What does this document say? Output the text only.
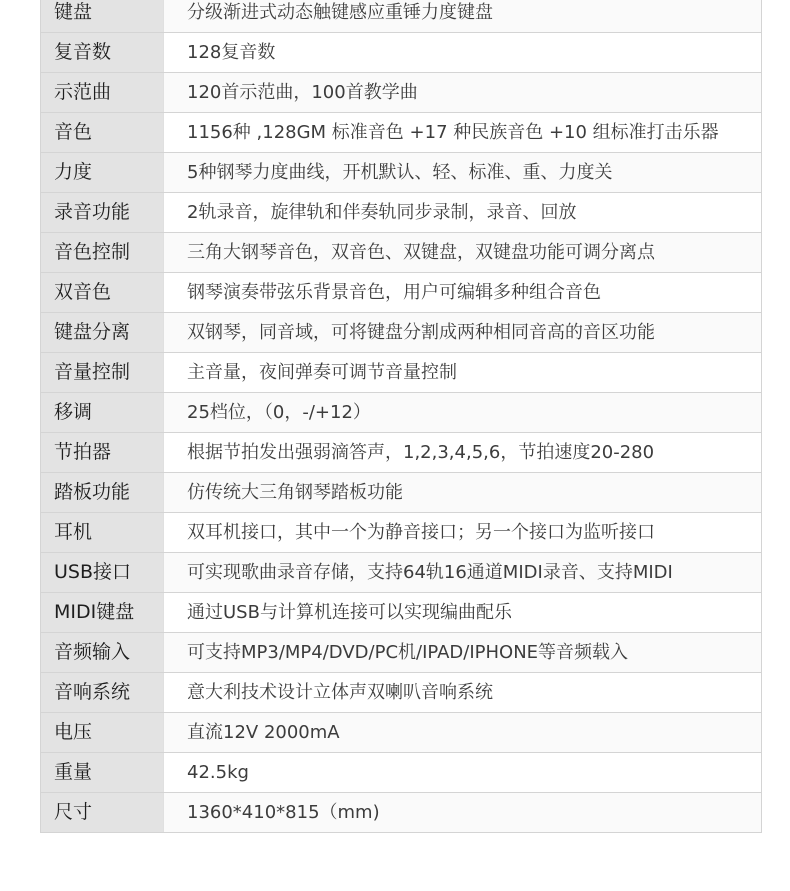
键盘	分级渐进式动态触键感应重锤力度键盘
复音数	128复音数
示范曲	120首示范曲，100首教学曲
音色	1156种 ,128GM 标准音色 +17 种民族音色 +10 组标准打击乐器
力度	5种钢琴力度曲线，开机默认、轻、标准、重、力度关
录音功能	2轨录音，旋律轨和伴奏轨同步录制，录音、回放
音色控制	三角大钢琴音色，双音色、双键盘，双键盘功能可调分离点
双音色	钢琴演奏带弦乐背景音色，用户可编辑多种组合音色
键盘分离	双钢琴，同音域，可将键盘分割成两种相同音高的音区功能
音量控制	主音量，夜间弹奏可调节音量控制
移调	25档位，（0，-/+12）
节拍器	根据节拍发出强弱滴答声，1,2,3,4,5,6，节拍速度20-280
踏板功能	仿传统大三角钢琴踏板功能
耳机	双耳机接口，其中一个为静音接口；另一个接口为监听接口
USB接口	可实现歌曲录音存储，支持64轨16通道MIDI录音、支持MIDI
MIDI键盘	通过USB与计算机连接可以实现编曲配乐
音频输入	可支持MP3/MP4/DVD/PC机/IPAD/IPHONE等音频载入
音响系统	意大利技术设计立体声双喇叭音响系统
电压	直流12V 2000mA
重量	42.5kg
尺寸	1360*410*815（mm)
